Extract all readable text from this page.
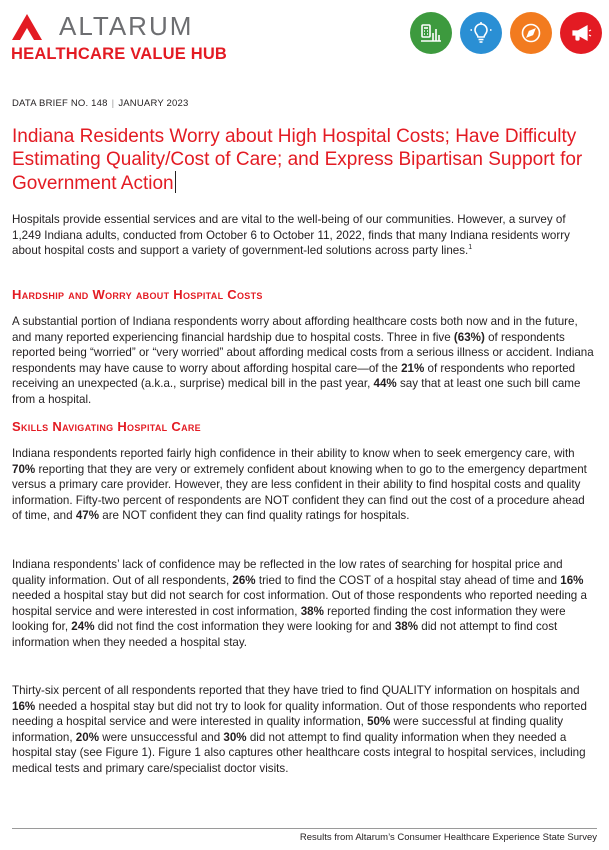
ALTARUM
HEALTHCARE VALUE HUB
DATA BRIEF NO. 148 | JANUARY 2023
Indiana Residents Worry about High Hospital Costs; Have Difficulty Estimating Quality/Cost of Care; and Express Bipartisan Support for Government Action

Hospitals provide essential services and are vital to the well-being of our communities. However, a survey of 1,249 Indiana adults, conducted from October 6 to October 11, 2022, finds that many Indiana residents worry about hospital costs and support a variety of government-led solutions across party lines.$^1$

Hardship and Worry about Hospital Costs

A substantial portion of Indiana respondents worry about affording healthcare costs both now and in the future, and many reported experiencing financial hardship due to hospital costs. Three in five (63%) of respondents reported being “worried” or “very worried” about affording medical costs from a serious illness or accident. Indiana respondents may have cause to worry about affording hospital care—of the 21% of respondents who reported receiving an unexpected (a.k.a., surprise) medical bill in the past year, 44% say that at least one such bill came from a hospital.

Skills Navigating Hospital Care

Indiana respondents reported fairly high confidence in their ability to know when to seek emergency care, with 70% reporting that they are very or extremely confident about knowing when to go to the emergency department versus a primary care provider. However, they are less confident in their ability to find hospital costs and quality information. Fifty-two percent of respondents are NOT confident they can find out the cost of a procedure ahead of time, and 47% are NOT confident they can find quality ratings for hospitals.

Indiana respondents’ lack of confidence may be reflected in the low rates of searching for hospital price and quality information. Out of all respondents, 26% tried to find the COST of a hospital stay ahead of time and 16% needed a hospital stay but did not search for cost information. Out of those respondents who reported needing a hospital service and were interested in cost information, 38% reported finding the cost information they were looking for, 24% did not find the cost information they were looking for and 38% did not attempt to find cost information when they needed a hospital stay.

Thirty-six percent of all respondents reported that they have tried to find QUALITY information on hospitals and 16% needed a hospital stay but did not try to look for quality information. Out of those respondents who reported needing a hospital service and were interested in quality information, 50% were successful at finding quality information, 20% were unsuccessful and 30% did not attempt to find quality information when they needed a hospital stay (see Figure 1). Figure 1 also captures other healthcare costs integral to hospital services, including medical tests and primary care/specialist doctor visits.

Results from Altarum’s Consumer Healthcare Experience State Survey
